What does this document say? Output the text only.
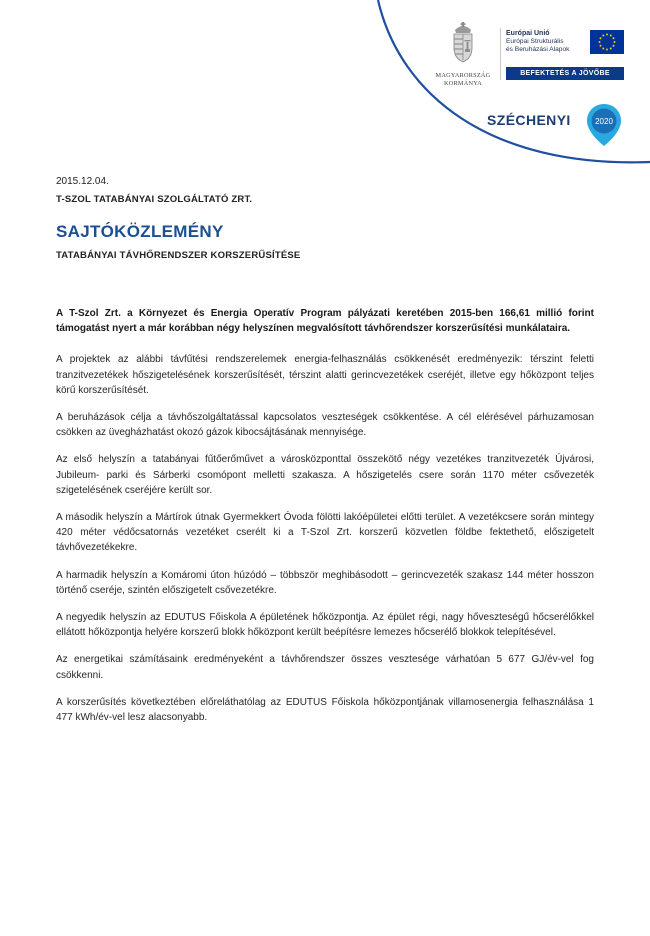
MAGYARORSZÁG
KORMÁNYA
Európai Unió
Európai Strukturális
és Beruházási Alapok
BEFEKTETÉS A JÖVŐBE
SZÉCHENYI	2020
2015.12.04.
T-SZOL TATABÁNYAI SZOLGÁLTATÓ ZRT.
SAJTÓKÖZLEMÉNY
TATABÁNYAI TÁVHŐRENDSZER KORSZERŰSÍTÉSE

A T-Szol Zrt. a Környezet és Energia Operatív Program pályázati keretében 2015-ben 166,61 millió forint támogatást nyert a már korábban négy helyszínen megvalósított távhőrendszer korszerűsítési munkálataira.

A projektek az alábbi távfűtési rendszerelemek energia-felhasználás csökkenését eredményezik: térszint feletti tranzitvezetékek hőszigetelésének korszerűsítését, térszint alatti gerincvezetékek cseréjét, illetve egy hőközpont teljes körű korszerűsítését.

A beruházások célja a távhőszolgáltatással kapcsolatos veszteségek csökkentése. A cél elérésével párhuzamosan csökken az üvegházhatást okozó gázok kibocsájtásának mennyisége.

Az első helyszín a tatabányai fűtőerőművet a városközponttal összekötő négy vezetékes tranzitvezeték Újvárosi, Jubileum- parki és Sárberki csomópont melletti szakasza. A hőszigetelés csere során 1170 méter csővezeték szigetelésének cseréjére került sor.

A második helyszín a Mártírok útnak Gyermekkert Óvoda fölötti lakóépületei előtti terület. A vezetékcsere során mintegy 420 méter védőcsatornás vezetéket cserélt ki a T-Szol Zrt. korszerű közvetlen földbe fektethető, előszigetelt távhővezetékekre.

A harmadik helyszín a Komáromi úton húzódó – többször meghibásodott – gerincvezeték szakasz 144 méter hosszon történő cseréje, szintén előszigetelt csővezetékre.

A negyedik helyszín az EDUTUS Főiskola A épületének hőközpontja. Az épület régi, nagy hőveszteségű hőcserélőkkel ellátott hőközpontja helyére korszerű blokk hőközpont került beépítésre lemezes hőcserélő blokkok telepítésével.

Az energetikai számításaink eredményeként a távhőrendszer összes vesztesége várhatóan 5 677 GJ/év-vel fog csökkenni.

A korszerűsítés következtében előreláthatólag az EDUTUS Főiskola hőközpontjának villamosenergia felhasználása 1 477 kWh/év-vel lesz alacsonyabb.
